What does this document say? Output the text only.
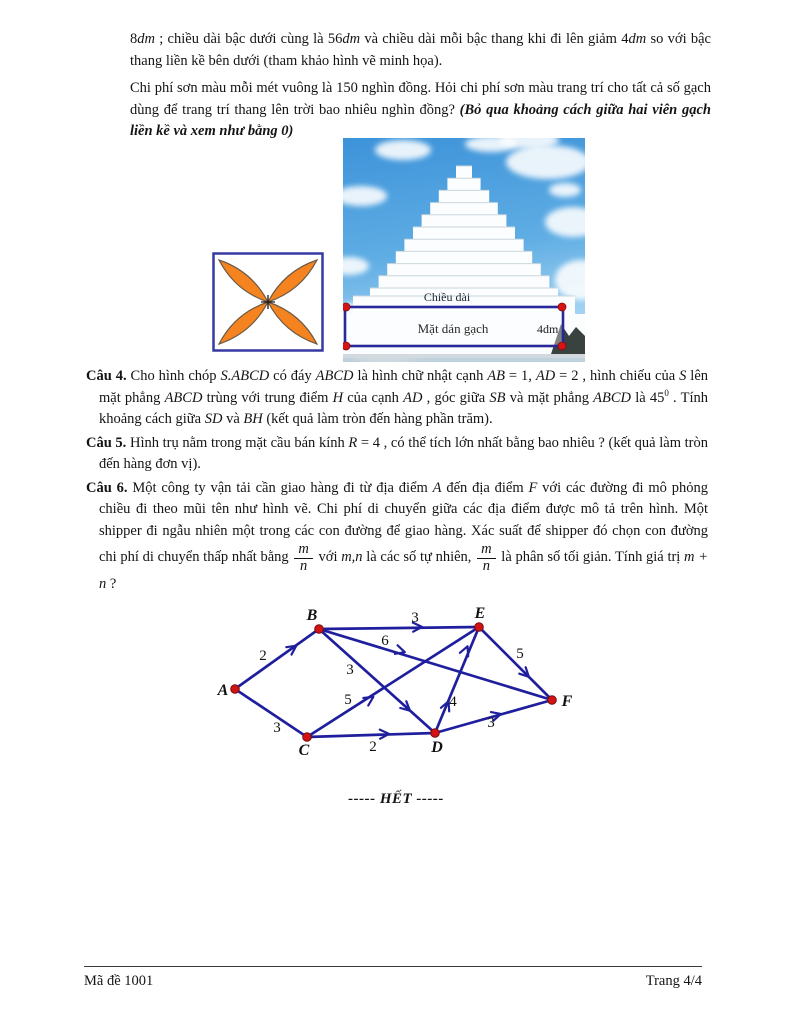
8dm ; chiều dài bậc dưới cùng là 56dm và chiều dài mỗi bậc thang khi đi lên giảm 4dm so với bậc thang liền kề bên dưới (tham khảo hình vẽ minh họa).

Chi phí sơn màu mỗi mét vuông là 150 nghìn đồng. Hỏi chi phí sơn màu trang trí cho tất cả số gạch dùng để trang trí thang lên trời bao nhiêu nghìn đồng? (Bỏ qua khoảng cách giữa hai viên gạch liền kề và xem như bằng 0)

Chiều dài
Mặt dán gạch	4dm
Câu 4. Cho hình chóp S.ABCD có đáy ABCD là hình chữ nhật cạnh AB = 1, AD = 2 , hình chiếu của S lên mặt phẳng ABCD trùng với trung điểm H của cạnh AD , góc giữa SB và mặt phẳng ABCD là $45^0$ . Tính khoảng cách giữa SD và BH (kết quả làm tròn đến hàng phần trăm).
Câu 5. Hình trụ nằm trong mặt cầu bán kính R = 4 , có thể tích lớn nhất bằng bao nhiêu ? (kết quả làm tròn đến hàng đơn vị).
Câu 6. Một công ty vận tải cần giao hàng đi từ địa điểm A đến địa điểm F với các đường đi mô phỏng chiều đi theo mũi tên như hình vẽ. Chi phí di chuyển giữa các địa điểm được mô tả trên hình. Một shipper đi ngẫu nhiên một trong các con đường để giao hàng. Xác suất để shipper đó chọn con đường chi phí di chuyển thấp nhất bằng $\frac{m}{n}$ với m,n là các số tự nhiên, $\frac{m}{n}$ là phân số tối giản. Tính giá trị m + n ?
2
3
3
6
3
5
2
4
3
5
A
B
C	D
E
F
----- HẾT -----
Mã đề 1001	Trang 4/4
